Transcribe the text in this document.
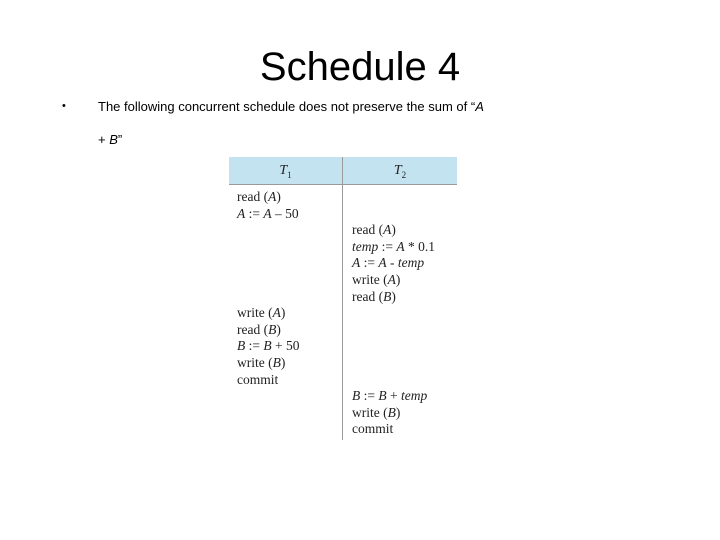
Schedule 4
• The following concurrent schedule does not preserve the sum of “A
+ B”
$T_1$	$T_2$
read (A)
A := A – 50
read (A)
temp := A * 0.1
A := A - temp
write (A)
read (B)
write (A)
read (B)
B := B + 50
write (B)
commit
B := B + temp
write (B)
commit
